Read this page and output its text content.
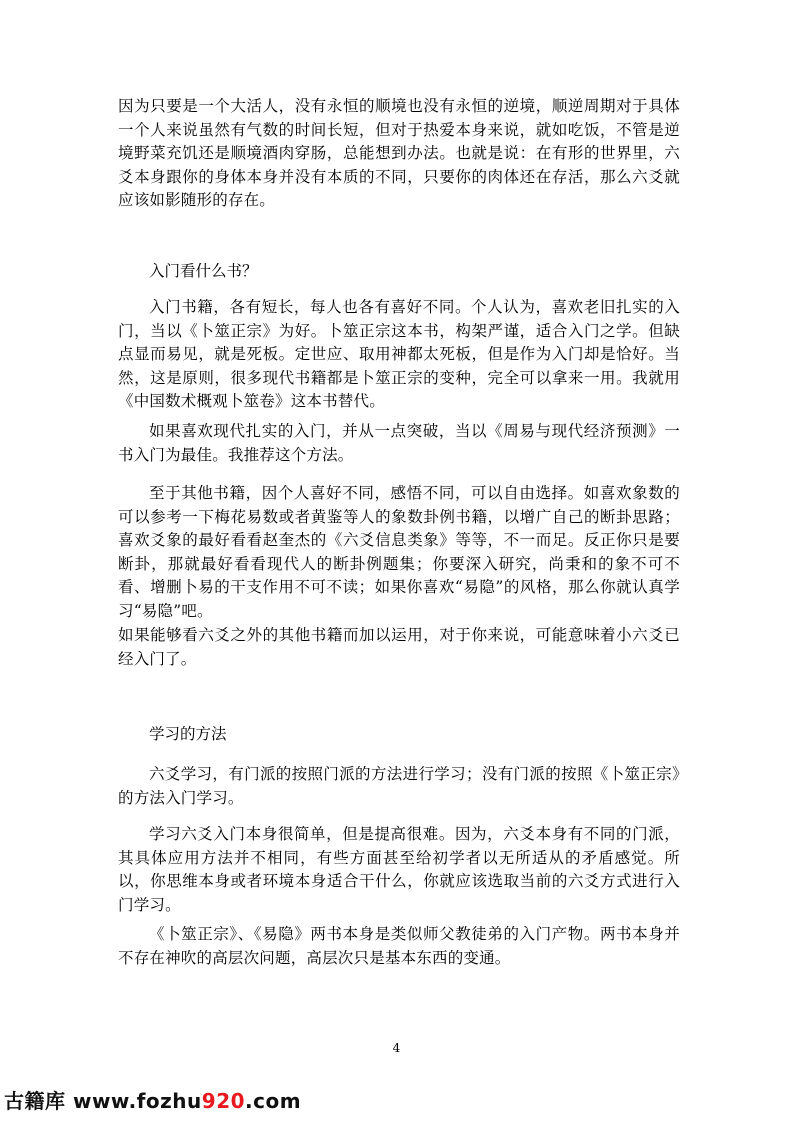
因为只要是一个大活人，没有永恒的顺境也没有永恒的逆境，顺逆周期对于具体一个人来说虽然有气数的时间长短，但对于热爱本身来说，就如吃饭，不管是逆境野菜充饥还是顺境酒肉穿肠，总能想到办法。也就是说：在有形的世界里，六爻本身跟你的身体本身并没有本质的不同，只要你的肉体还在存活，那么六爻就应该如影随形的存在。

入门看什么书？

入门书籍，各有短长，每人也各有喜好不同。个人认为，喜欢老旧扎实的入门，当以《卜筮正宗》为好。卜筮正宗这本书，构架严谨，适合入门之学。但缺点显而易见，就是死板。定世应、取用神都太死板，但是作为入门却是恰好。当然，这是原则，很多现代书籍都是卜筮正宗的变种，完全可以拿来一用。我就用《中国数术概观卜筮卷》这本书替代。

如果喜欢现代扎实的入门，并从一点突破，当以《周易与现代经济预测》一书入门为最佳。我推荐这个方法。

至于其他书籍，因个人喜好不同，感悟不同，可以自由选择。如喜欢象数的可以参考一下梅花易数或者黄鉴等人的象数卦例书籍，以增广自己的断卦思路；喜欢爻象的最好看看赵奎杰的《六爻信息类象》等等，不一而足。反正你只是要断卦，那就最好看看现代人的断卦例题集；你要深入研究，尚秉和的象不可不看、增删卜易的干支作用不可不读；如果你喜欢“易隐”的风格，那么你就认真学习“易隐”吧。

如果能够看六爻之外的其他书籍而加以运用，对于你来说，可能意味着小六爻已经入门了。

学习的方法

六爻学习，有门派的按照门派的方法进行学习；没有门派的按照《卜筮正宗》的方法入门学习。

学习六爻入门本身很简单，但是提高很难。因为，六爻本身有不同的门派，其具体应用方法并不相同，有些方面甚至给初学者以无所适从的矛盾感觉。所以，你思维本身或者环境本身适合干什么，你就应该选取当前的六爻方式进行入门学习。

《卜筮正宗》、《易隐》两书本身是类似师父教徒弟的入门产物。两书本身并不存在神吹的高层次问题，高层次只是基本东西的变通。

4
古籍库 www.fozhu920.com
